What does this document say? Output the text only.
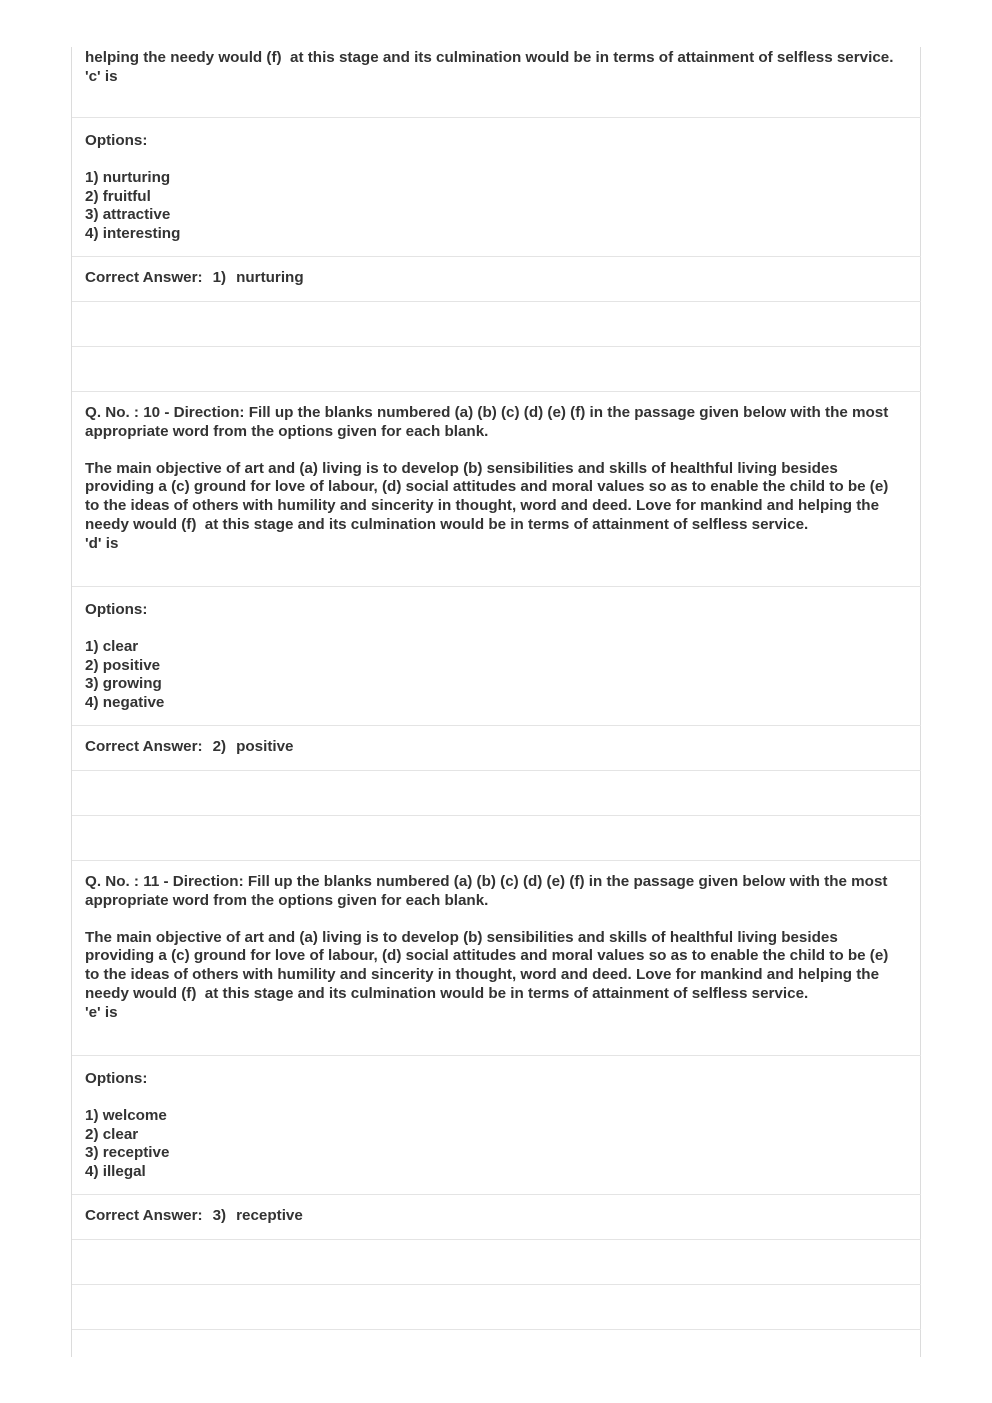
helping the needy would (f)  at this stage and its culmination would be in terms of attainment of selfless service.

'c' is

Options:

1) nurturing
2) fruitful
3) attractive
4) interesting

Correct Answer: 1) nurturing

Q. No. : 10 - Direction: Fill up the blanks numbered (a) (b) (c) (d) (e) (f) in the passage given below with the most appropriate word from the options given for each blank.

The main objective of art and (a) living is to develop (b) sensibilities and skills of healthful living besides providing a (c) ground for love of labour, (d) social attitudes and moral values so as to enable the child to be (e)   to the ideas of others with humility and sincerity in thought, word and deed. Love for mankind and helping the needy would (f)  at this stage and its culmination would be in terms of attainment of selfless service.

'd' is

Options:

1) clear
2) positive
3) growing
4) negative

Correct Answer: 2) positive

Q. No. : 11 - Direction: Fill up the blanks numbered (a) (b) (c) (d) (e) (f) in the passage given below with the most appropriate word from the options given for each blank.

The main objective of art and (a) living is to develop (b) sensibilities and skills of healthful living besides providing a (c) ground for love of labour, (d) social attitudes and moral values so as to enable the child to be (e)   to the ideas of others with humility and sincerity in thought, word and deed. Love for mankind and helping the needy would (f)  at this stage and its culmination would be in terms of attainment of selfless service.

'e' is

Options:

1) welcome
2) clear
3) receptive
4) illegal

Correct Answer: 3) receptive
